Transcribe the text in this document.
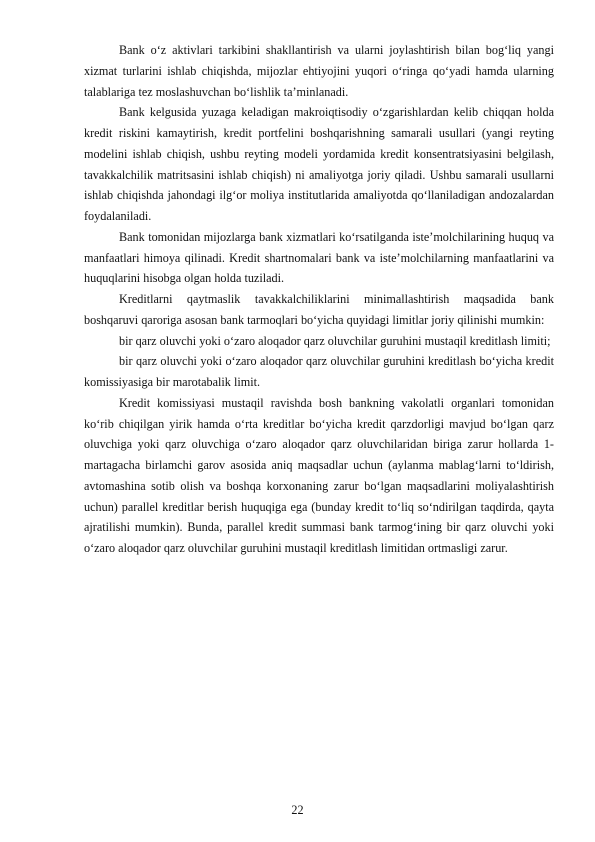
Bank o‘z aktivlari tarkibini shakllantirish va ularni joylashtirish bilan bog‘liq yangi xizmat turlarini ishlab chiqishda, mijozlar ehtiyojini yuqori o‘ringa qo‘yadi hamda ularning talablariga tez moslashuvchan bo‘lishlik ta’minlanadi.

Bank kelgusida yuzaga keladigan makroiqtisodiy o‘zgarishlardan kelib chiqqan holda kredit riskini kamaytirish, kredit portfelini boshqarishning samarali usullari (yangi reyting modelini ishlab chiqish, ushbu reyting modeli yordamida kredit konsentratsiyasini belgilash, tavakkalchilik matritsasini ishlab chiqish) ni amaliyotga joriy qiladi. Ushbu samarali usullarni ishlab chiqishda jahondagi ilg‘or moliya institutlarida amaliyotda qo‘llaniladigan andozalardan foydalaniladi.

Bank tomonidan mijozlarga bank xizmatlari ko‘rsatilganda iste’molchilarining huquq va manfaatlari himoya qilinadi. Kredit shartnomalari bank va iste’molchilarning manfaatlarini va huquqlarini hisobga olgan holda tuziladi.

Kreditlarni qaytmaslik tavakkalchiliklarini minimallashtirish maqsadida bank boshqaruvi qaroriga asosan bank tarmoqlari bo‘yicha quyidagi limitlar joriy qilinishi mumkin:

bir qarz oluvchi yoki o‘zaro aloqador qarz oluvchilar guruhini mustaqil kreditlash limiti;

bir qarz oluvchi yoki o‘zaro aloqador qarz oluvchilar guruhini kreditlash bo‘yicha kredit komissiyasiga bir marotabalik limit.

Kredit komissiyasi mustaqil ravishda bosh bankning vakolatli organlari tomonidan ko‘rib chiqilgan yirik hamda o‘rta kreditlar bo‘yicha kredit qarzdorligi mavjud bo‘lgan qarz oluvchiga yoki qarz oluvchiga o‘zaro aloqador qarz oluvchilaridan biriga zarur hollarda 1-martagacha birlamchi garov asosida aniq maqsadlar uchun (aylanma mablag‘larni to‘ldirish, avtomashina sotib olish va boshqa korxonaning zarur bo‘lgan maqsadlarini moliyalashtirish uchun) parallel kreditlar berish huquqiga ega (bunday kredit to‘liq so‘ndirilgan taqdirda, qayta ajratilishi mumkin). Bunda, parallel kredit summasi bank tarmog‘ining bir qarz oluvchi yoki o‘zaro aloqador qarz oluvchilar guruhini mustaqil kreditlash limitidan ortmasligi zarur.

22
